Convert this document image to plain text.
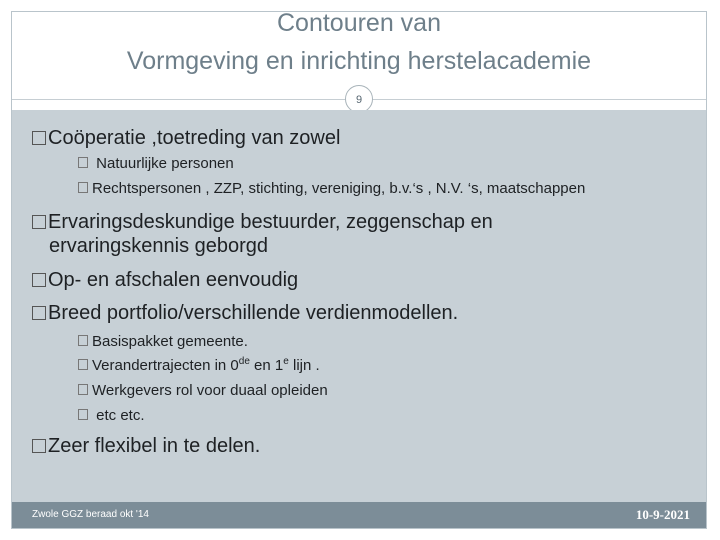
Contouren van
Vormgeving en inrichting herstelacademie
9
Coöperatie ,toetreding van zowel
Natuurlijke personen
Rechtspersonen , ZZP, stichting, vereniging, b.v.‘s , N.V. ‘s, maatschappen
Ervaringsdeskundige bestuurder, zeggenschap en
ervaringskennis geborgd
Op- en afschalen eenvoudig
Breed portfolio/verschillende verdienmodellen.
Basispakket gemeente.
Verandertrajecten in 0de en 1e lijn .
Werkgevers rol voor duaal opleiden
etc etc.
Zeer flexibel in te delen.
Zwole GGZ beraad okt '14	10-9-2021
